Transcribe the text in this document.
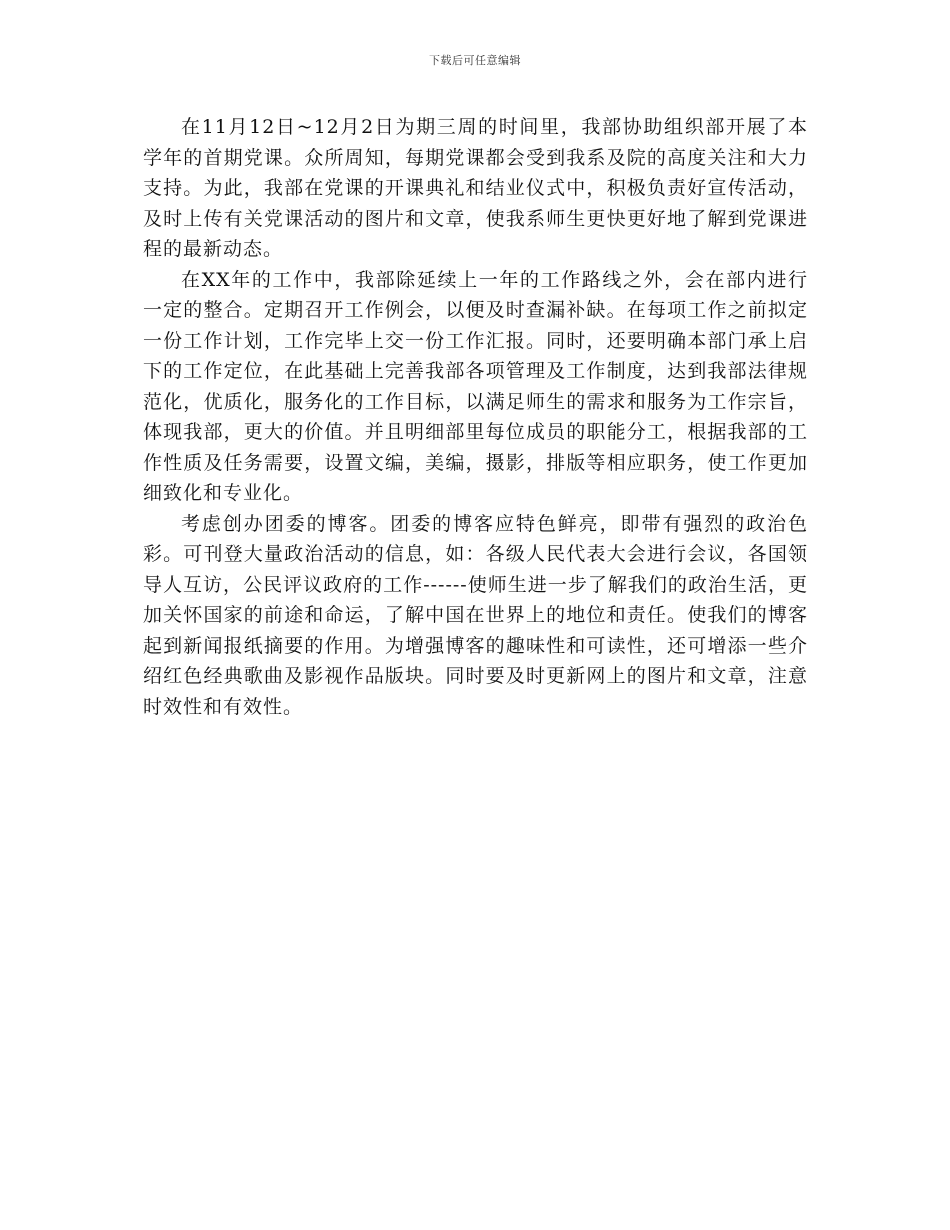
下载后可任意编辑

在11月12日~12月2日为期三周的时间里，我部协助组织部开展了本学年的首期党课。众所周知，每期党课都会受到我系及院的高度关注和大力支持。为此，我部在党课的开课典礼和结业仪式中，积极负责好宣传活动，及时上传有关党课活动的图片和文章，使我系师生更快更好地了解到党课进程的最新动态。

在XX年的工作中，我部除延续上一年的工作路线之外，会在部内进行一定的整合。定期召开工作例会，以便及时查漏补缺。在每项工作之前拟定一份工作计划，工作完毕上交一份工作汇报。同时，还要明确本部门承上启下的工作定位，在此基础上完善我部各项管理及工作制度，达到我部法律规范化，优质化，服务化的工作目标，以满足师生的需求和服务为工作宗旨，体现我部，更大的价值。并且明细部里每位成员的职能分工，根据我部的工作性质及任务需要，设置文编，美编，摄影，排版等相应职务，使工作更加细致化和专业化。

考虑创办团委的博客。团委的博客应特色鲜亮，即带有强烈的政治色彩。可刊登大量政治活动的信息，如：各级人民代表大会进行会议，各国领导人互访，公民评议政府的工作------使师生进一步了解我们的政治生活，更加关怀国家的前途和命运，了解中国在世界上的地位和责任。使我们的博客起到新闻报纸摘要的作用。为增强博客的趣味性和可读性，还可增添一些介绍红色经典歌曲及影视作品版块。同时要及时更新网上的图片和文章，注意时效性和有效性。
